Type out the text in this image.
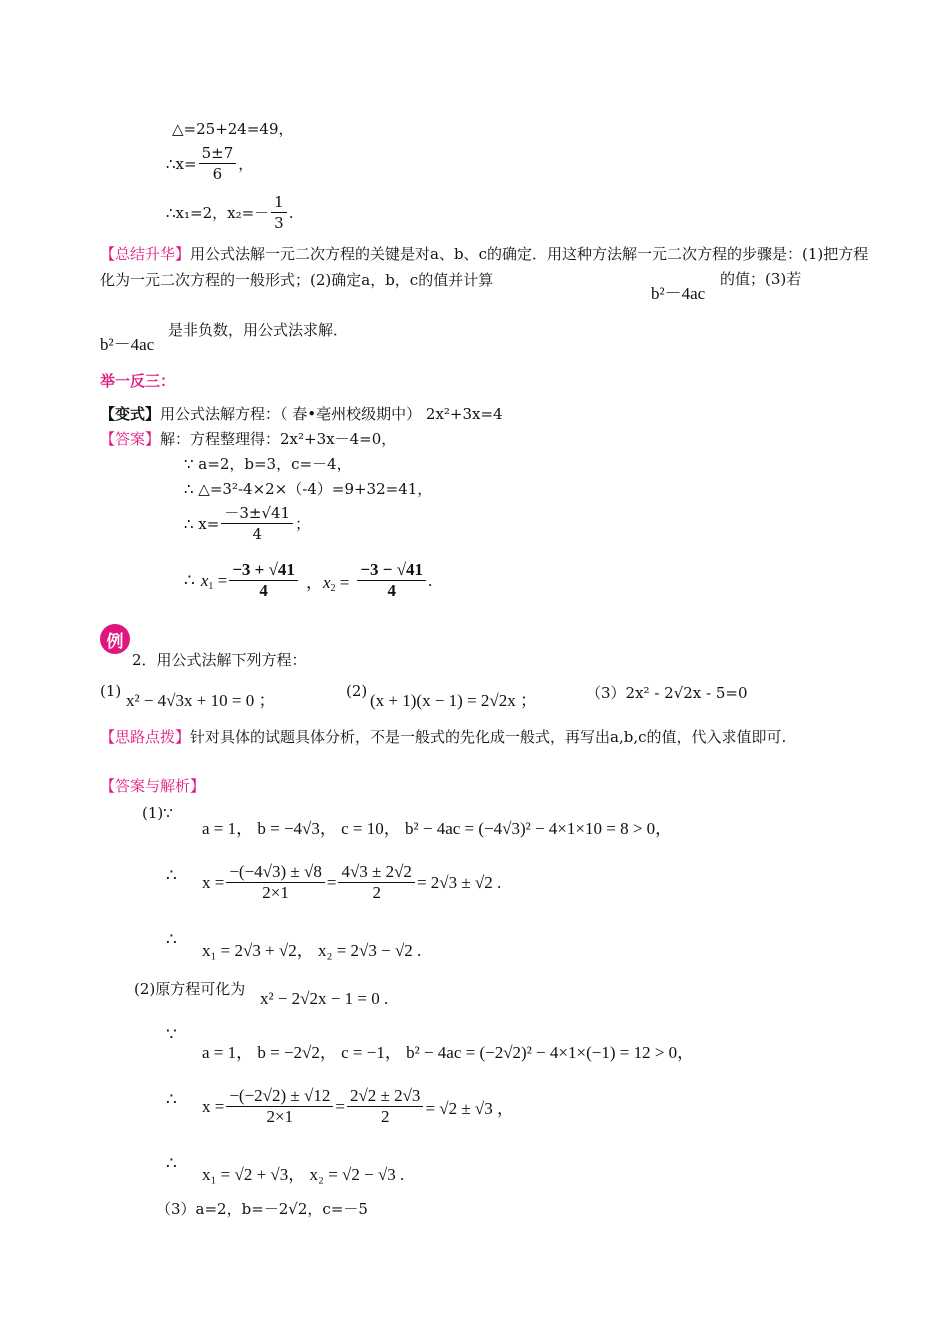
△=25+24=49，
∴x= $\frac{5\pm 7}{6}$ ，
∴x₁=2，$x_2=- \frac{1}{3}$ .
【总结升华】用公式法解一元二次方程的关键是对a、b、c的确定．用这种方法解一元二次方程的步骤是：(1)把方程化为一元二次方程的一般形式；(2)确定a，b，c的值并计算
b²－4ac
的值；(3)若
b²－4ac
是非负数，用公式法求解．
举一反三：
【变式】用公式法解方程：（ 春•亳州校级期中） 2x²+3x=4
【答案】解：方程整理得：2x²+3x－4=0，
∵ a=2，b=3，c=－4，
∴ △=3²-4×2×（-4）=9+32=41，
∴ $x= \frac{-3\pm√41}{4}$ ；
∴ $x_1 = \frac{-3 + √41}{4}$ ，$x_2 = \frac{-3 - √41}{4}$ .
例
2．用公式法解下列方程：
(1) x² − 4√3x + 10 = 0 ；	(2) (x + 1)(x − 1) = 2√2x ；	（3）2x² - 2√2x - 5=0
【思路点拨】针对具体的试题具体分析，不是一般式的先化成一般式，再写出a,b,c的值，代入求值即可.
【答案与解析】
(1)∵
a = 1， b = −4√3， c = 10， b² − 4ac = (−4√3)² − 4×1×10 = 8 > 0，
∴ $x = \frac{-(-4√3) \pm √8}{2\times 1} = \frac{4√3 \pm 2√2}{2} = 2√3 \pm √2$ .
∴
x₁ = 2√3 + √2， x₂ = 2√3 − √2 .
(2)原方程可化为 x² − 2√2x − 1 = 0 .
∵
a = 1， b = −2√2， c = −1， b² − 4ac = (−2√2)² − 4×1×(−1) = 12 > 0，
∴ $x = \frac{-(-2√2) \pm √12}{2\times 1} = \frac{2√2 \pm 2√3}{2} = √2 \pm √3$ ，
∴
x₁ = √2 + √3， x₂ = √2 − √3 .
（3）a=2，b=－2√2，c=－5
